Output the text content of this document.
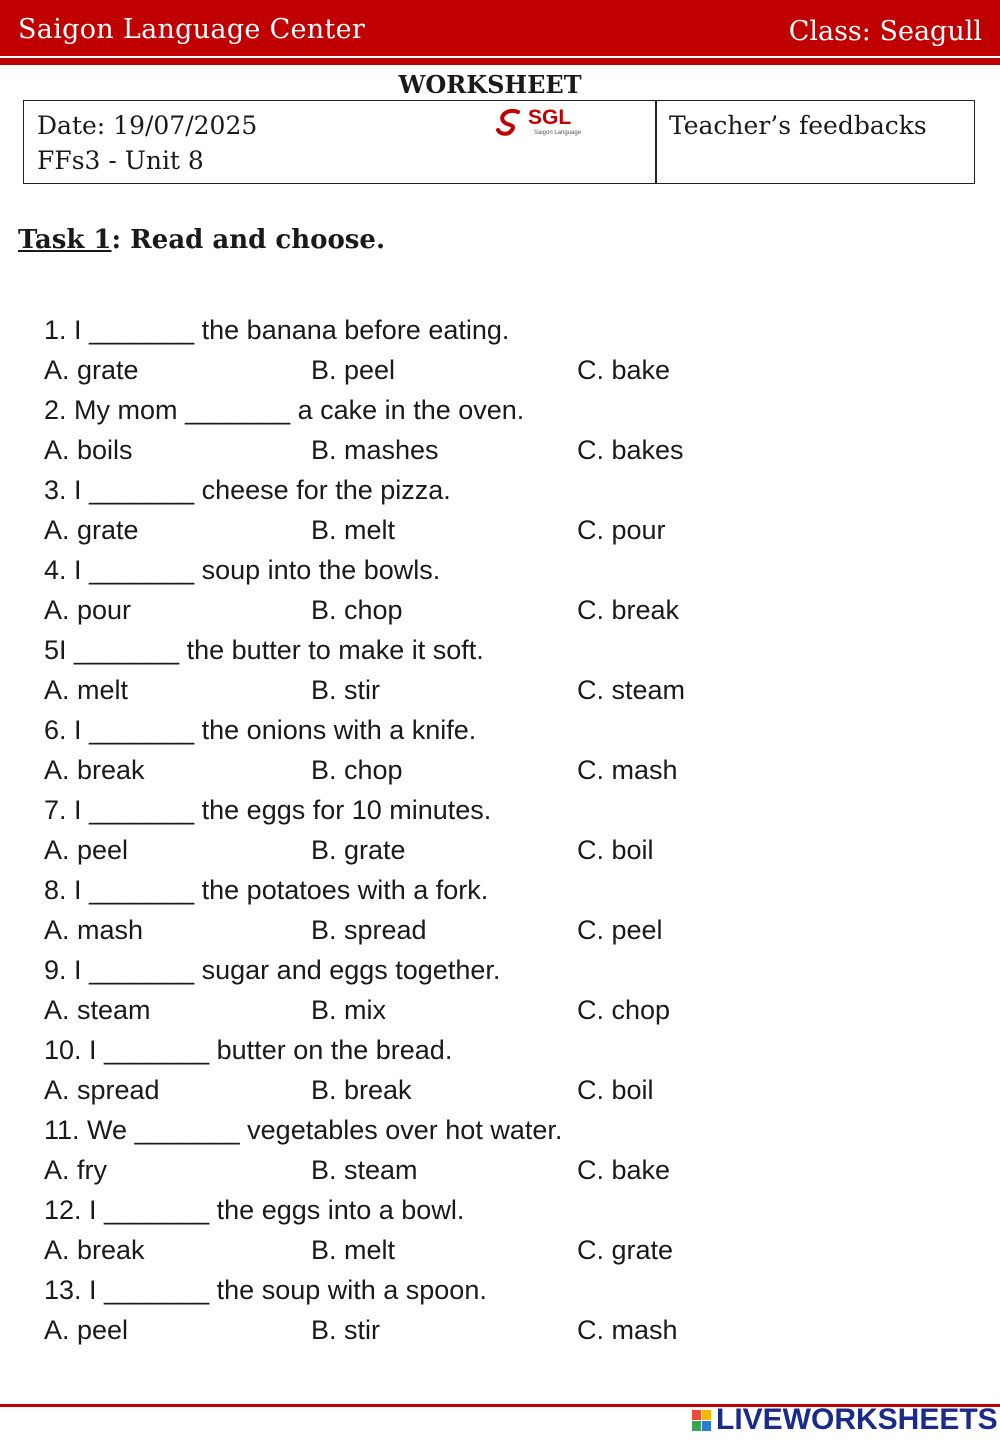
Saigon Language Center	Class: Seagull
WORKSHEET
Date: 19/07/2025
FFs3 - Unit 8
SGL
Saigon Language	Teacher’s feedbacks
Task 1: Read and choose.
1. I _______ the banana before eating.
A. grate	B. peel	C. bake
2. My mom _______ a cake in the oven.
A. boils	B. mashes	C. bakes
3. I _______ cheese for the pizza.
A. grate	B. melt	C. pour
4. I _______ soup into the bowls.
A. pour	B. chop	C. break
5I _______ the butter to make it soft.
A. melt	B. stir	C. steam
6. I _______ the onions with a knife.
A. break	B. chop	C. mash
7. I _______ the eggs for 10 minutes.
A. peel	B. grate	C. boil
8. I _______ the potatoes with a fork.
A. mash	B. spread	C. peel
9. I _______ sugar and eggs together.
A. steam	B. mix	C. chop
10. I _______ butter on the bread.
A. spread	B. break	C. boil
11. We _______ vegetables over hot water.
A. fry	B. steam	C. bake
12. I _______ the eggs into a bowl.
A. break	B. melt	C. grate
13. I _______ the soup with a spoon.
A. peel	B. stir	C. mash
LIVEWORKSHEETS
